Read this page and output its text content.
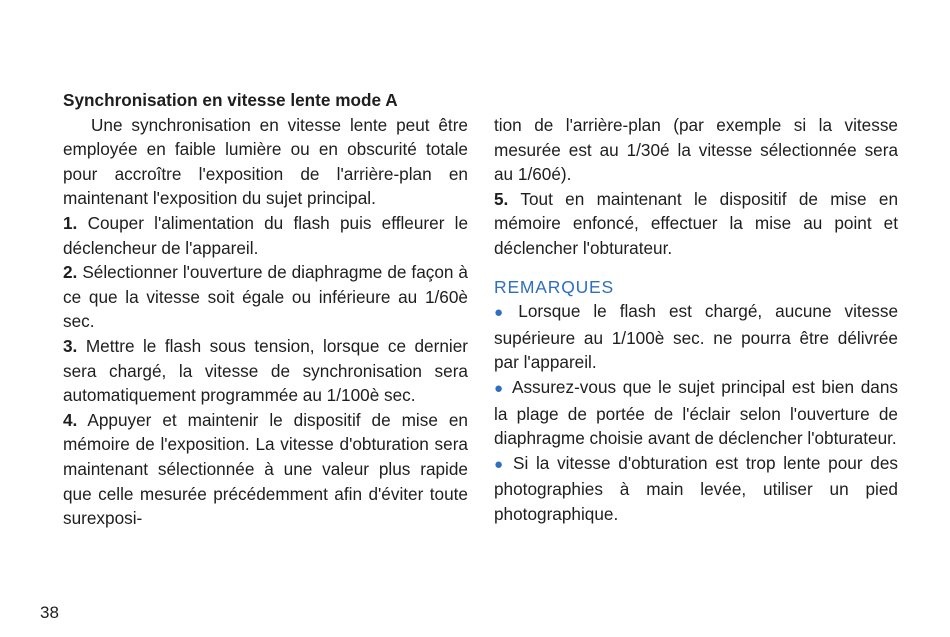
Synchronisation en vitesse lente mode A

Une synchronisation en vitesse lente peut être employée en faible lumière ou en obscurité totale pour accroître l'exposition de l'arrière-plan en maintenant l'exposition du sujet principal.

1. Couper l'alimentation du flash puis effleurer le déclencheur de l'appareil.

2. Sélectionner l'ouverture de diaphragme de façon à ce que la vitesse soit égale ou inférieure au 1/60è sec.

3. Mettre le flash sous tension, lorsque ce dernier sera chargé, la vitesse de synchronisation sera automatiquement programmée au 1/100è sec.

4. Appuyer et maintenir le dispositif de mise en mémoire de l'exposition. La vitesse d'obturation sera maintenant sélectionnée à une valeur plus rapide que celle mesurée précédemment afin d'éviter toute surexposi-

tion de l'arrière-plan (par exemple si la vitesse mesurée est au 1/30é la vitesse sélectionnée sera au 1/60é).

5. Tout en maintenant le dispositif de mise en mémoire enfoncé, effectuer la mise au point et déclencher l'obturateur.

REMARQUES

● Lorsque le flash est chargé, aucune vitesse supérieure au 1/100è sec. ne pourra être délivrée par l'appareil.

● Assurez-vous que le sujet principal est bien dans la plage de portée de l'éclair selon l'ouverture de diaphragme choisie avant de déclencher l'obturateur.

● Si la vitesse d'obturation est trop lente pour des photographies à main levée, utiliser un pied photographique.

38
